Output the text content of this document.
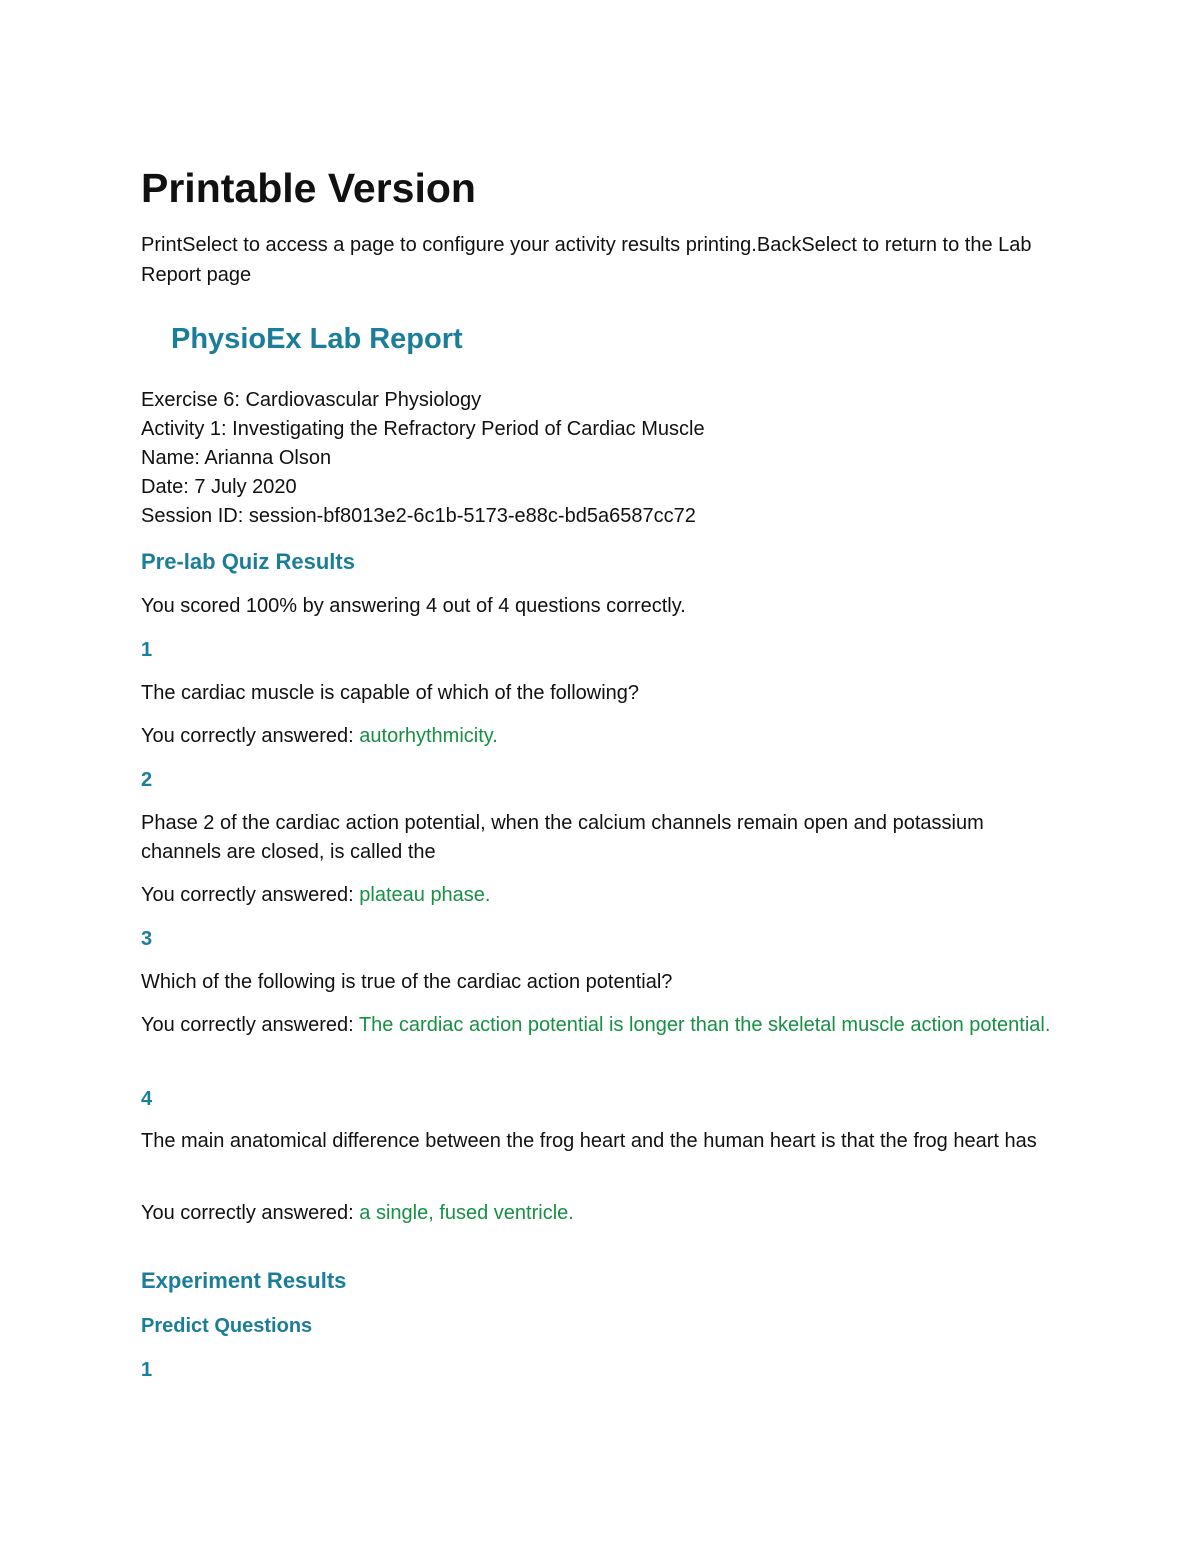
Printable Version
PrintSelect to access a page to configure your activity results printing.BackSelect to return to the Lab Report page
PhysioEx Lab Report
Exercise 6: Cardiovascular Physiology
Activity 1: Investigating the Refractory Period of Cardiac Muscle
Name: Arianna Olson
Date: 7 July 2020
Session ID: session-bf8013e2-6c1b-5173-e88c-bd5a6587cc72
Pre-lab Quiz Results
You scored 100% by answering 4 out of 4 questions correctly.
1
The cardiac muscle is capable of which of the following?
You correctly answered: autorhythmicity.
2
Phase 2 of the cardiac action potential, when the calcium channels remain open and potassium channels are closed, is called the
You correctly answered: plateau phase.
3
Which of the following is true of the cardiac action potential?
You correctly answered: The cardiac action potential is longer than the skeletal muscle action potential.
4
The main anatomical difference between the frog heart and the human heart is that the frog heart has
You correctly answered: a single, fused ventricle.
Experiment Results
Predict Questions
1
